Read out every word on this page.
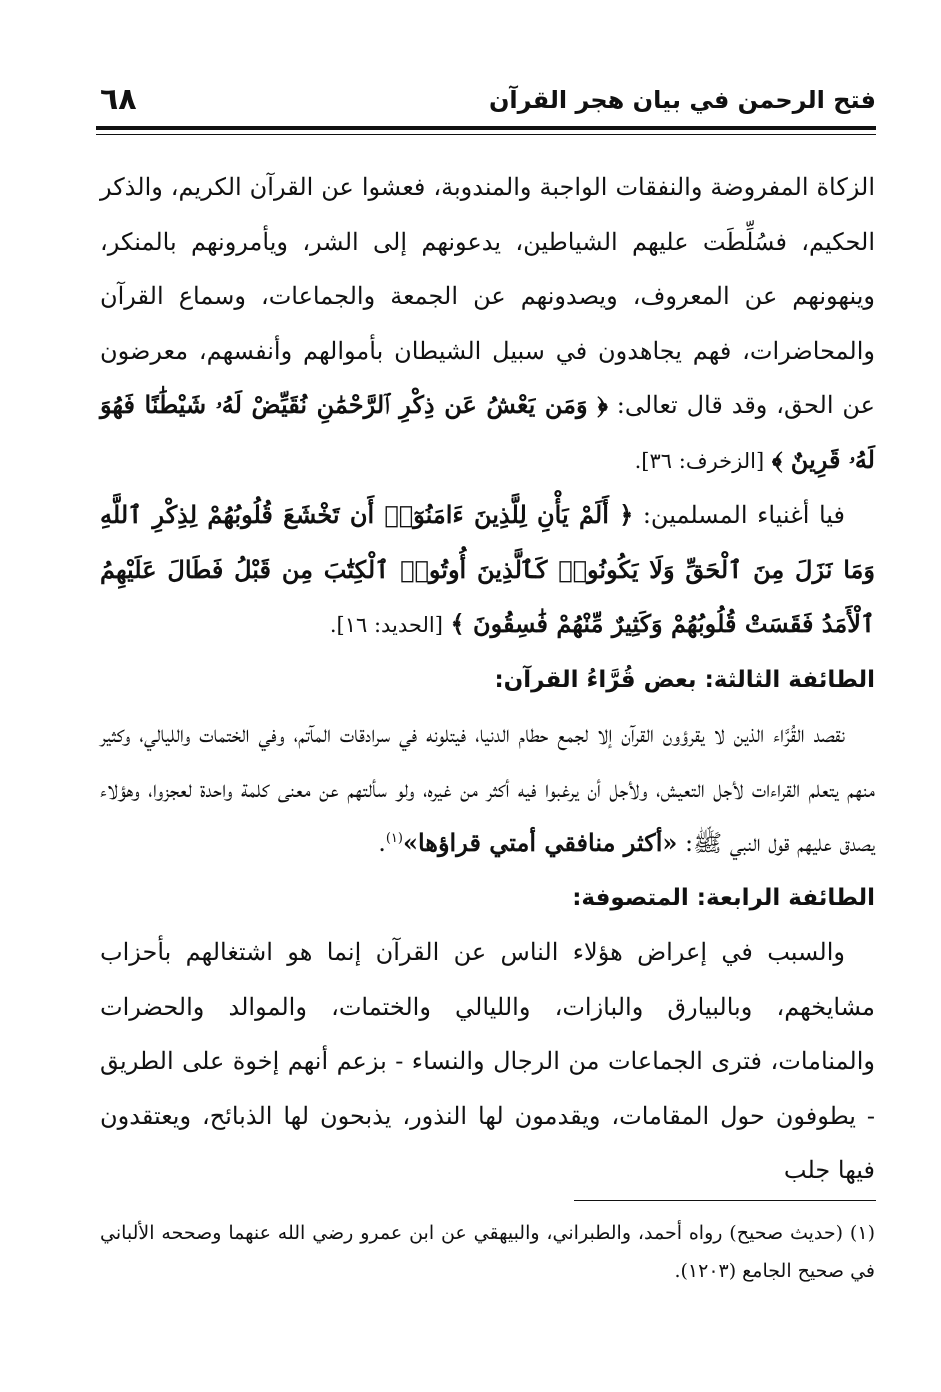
فتح الرحمن في بيان هجر القرآن
٦٨

الزكاة المفروضة والنفقات الواجبة والمندوبة، فعشوا عن القرآن الكريم، والذكر الحكيم، فسُلِّطَت عليهم الشياطين، يدعونهم إلى الشر، ويأمرونهم بالمنكر، وينهونهم عن المعروف، ويصدونهم عن الجمعة والجماعات، وسماع القرآن والمحاضرات، فهم يجاهدون في سبيل الشيطان بأموالهم وأنفسهم، معرضون عن الحق، وقد قال تعالى: ﴿ وَمَن يَعْشُ عَن ذِكْرِ ٱلرَّحْمَٰنِ نُقَيِّضْ لَهُۥ شَيْطَٰنًا فَهُوَ لَهُۥ قَرِينٌ ﴾ [الزخرف: ٣٦].

فيا أغنياء المسلمين: ﴿ أَلَمْ يَأْنِ لِلَّذِينَ ءَامَنُوٓا۟ أَن تَخْشَعَ قُلُوبُهُمْ لِذِكْرِ ٱللَّهِ وَمَا نَزَلَ مِنَ ٱلْحَقِّ وَلَا يَكُونُوا۟ كَٱلَّذِينَ أُوتُوا۟ ٱلْكِتَٰبَ مِن قَبْلُ فَطَالَ عَلَيْهِمُ ٱلْأَمَدُ فَقَسَتْ قُلُوبُهُمْ وَكَثِيرٌ مِّنْهُمْ فَٰسِقُونَ ﴾ [الحديد: ١٦].

الطائفة الثالثة: بعض قُرَّاءُ القرآن:

نقصد القُرَّاء الذين لا يقرؤون القرآن إلا لجمع حطام الدنيا، فيتلونه في سرادقات المآتم، وفي الختمات والليالي، وكثير منهم يتعلم القراءات لأجل التعيش، ولأجل أن يرغبوا فيه أكثر من غيره، ولو سألتهم عن معنى كلمة واحدة لعجزوا، وهؤلاء يصدق عليهم قول النبي ﷺ: «أكثر منافقي أمتي قراؤها»$^{(١)}$.

الطائفة الرابعة: المتصوفة:

والسبب في إعراض هؤلاء الناس عن القرآن إنما هو اشتغالهم بأحزاب مشايخهم، وبالبيارق والبازات، والليالي والختمات، والموالد والحضرات والمنامات، فترى الجماعات من الرجال والنساء - بزعم أنهم إخوة على الطريق - يطوفون حول المقامات، ويقدمون لها النذور، يذبحون لها الذبائح، ويعتقدون فيها جلب

(١) (حديث صحيح) رواه أحمد، والطبراني، والبيهقي عن ابن عمرو رضي الله عنهما وصححه الألباني في صحيح الجامع (١٢٠٣).
